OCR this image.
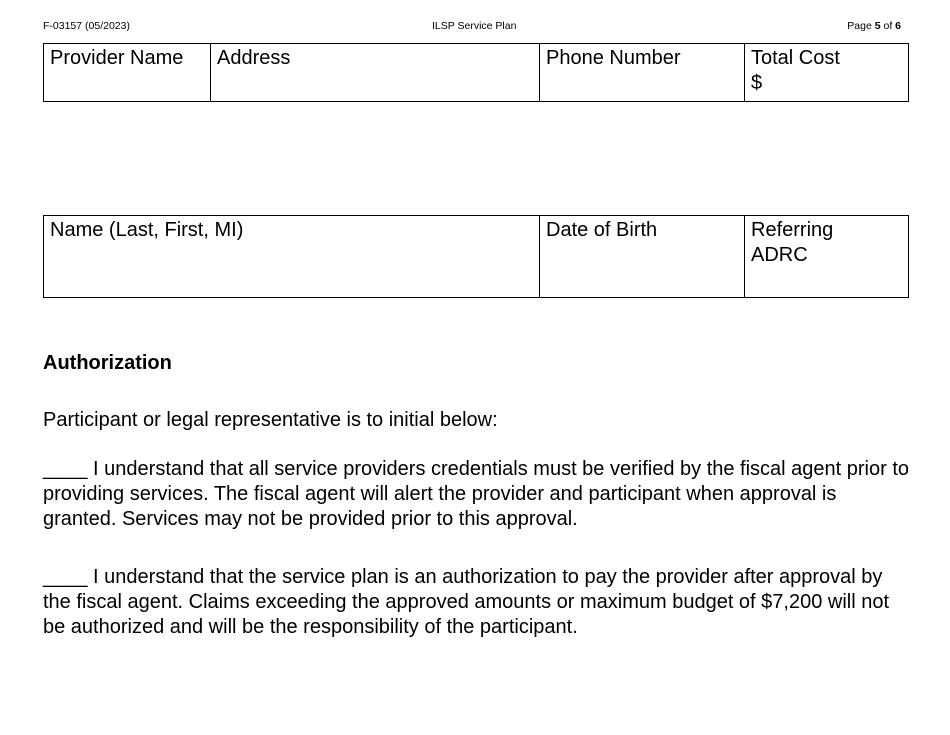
F-03157 (05/2023)	ILSP Service Plan	Page 5 of 6
Provider Name	Address	Phone Number	Total Cost
$
Name (Last, First, MI)	Date of Birth	Referring ADRC
Authorization
Participant or legal representative is to initial below:
____ I understand that all service providers credentials must be verified by the fiscal agent prior to providing services. The fiscal agent will alert the provider and participant when approval is granted. Services may not be provided prior to this approval.
____ I understand that the service plan is an authorization to pay the provider after approval by the fiscal agent. Claims exceeding the approved amounts or maximum budget of $7,200 will not be authorized and will be the responsibility of the participant.
